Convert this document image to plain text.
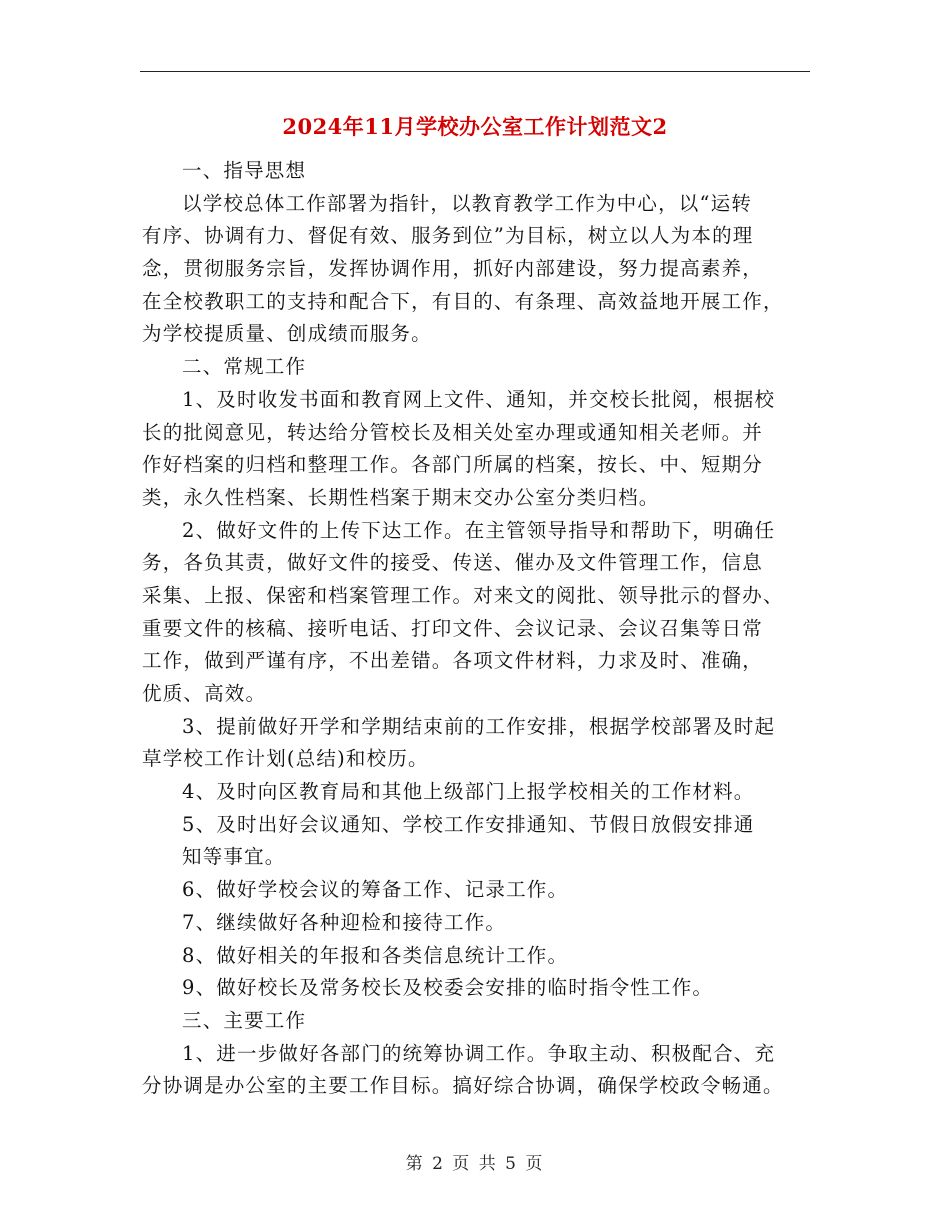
2024年11月学校办公室工作计划范文2
一、指导思想
以学校总体工作部署为指针，以教育教学工作为中心，以“运转
有序、协调有力、督促有效、服务到位”为目标，树立以人为本的理
念，贯彻服务宗旨，发挥协调作用，抓好内部建设，努力提高素养，
在全校教职工的支持和配合下，有目的、有条理、高效益地开展工作，
为学校提质量、创成绩而服务。
二、常规工作
1、及时收发书面和教育网上文件、通知，并交校长批阅，根据校
长的批阅意见，转达给分管校长及相关处室办理或通知相关老师。并
作好档案的归档和整理工作。各部门所属的档案，按长、中、短期分
类，永久性档案、长期性档案于期末交办公室分类归档。
2、做好文件的上传下达工作。在主管领导指导和帮助下，明确任
务，各负其责，做好文件的接受、传送、催办及文件管理工作，信息
采集、上报、保密和档案管理工作。对来文的阅批、领导批示的督办、
重要文件的核稿、接听电话、打印文件、会议记录、会议召集等日常
工作，做到严谨有序，不出差错。各项文件材料，力求及时、准确，
优质、高效。
3、提前做好开学和学期结束前的工作安排，根据学校部署及时起
草学校工作计划(总结)和校历。
4、及时向区教育局和其他上级部门上报学校相关的工作材料。
5、及时出好会议通知、学校工作安排通知、节假日放假安排通
知等事宜。
6、做好学校会议的筹备工作、记录工作。
7、继续做好各种迎检和接待工作。
8、做好相关的年报和各类信息统计工作。
9、做好校长及常务校长及校委会安排的临时指令性工作。
三、主要工作
1、进一步做好各部门的统筹协调工作。争取主动、积极配合、充
分协调是办公室的主要工作目标。搞好综合协调，确保学校政令畅通。
第 2 页 共 5 页
